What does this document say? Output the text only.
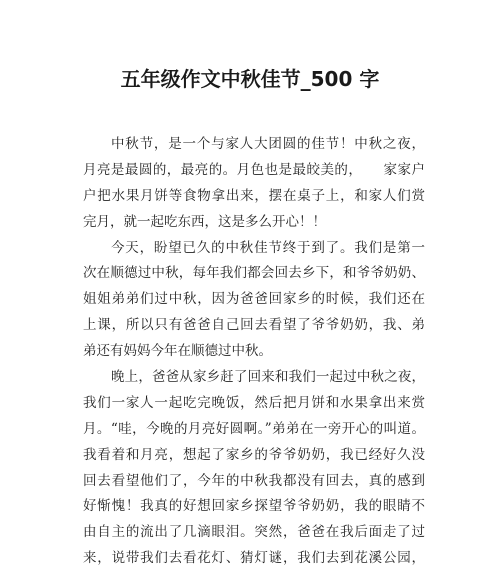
五年级作文中秋佳节_500 字
中秋节，是一个与家人大团圆的佳节！中秋之夜，
月亮是最圆的，最亮的。月色也是最皎美的，　　家家户
户把水果月饼等食物拿出来，摆在桌子上，和家人们赏
完月，就一起吃东西，这是多么开心！！
今天，盼望已久的中秋佳节终于到了。我们是第一
次在顺德过中秋，每年我们都会回去乡下，和爷爷奶奶、
姐姐弟弟们过中秋，因为爸爸回家乡的时候，我们还在
上课，所以只有爸爸自己回去看望了爷爷奶奶，我、弟
弟还有妈妈今年在顺德过中秋。
晚上，爸爸从家乡赶了回来和我们一起过中秋之夜，
我们一家人一起吃完晚饭，然后把月饼和水果拿出来赏
月。“哇，今晚的月亮好圆啊。”弟弟在一旁开心的叫道。
我看着和月亮，想起了家乡的爷爷奶奶，我已经好久没
回去看望他们了，今年的中秋我都没有回去，真的感到
好惭愧！我真的好想回家乡探望爷爷奶奶，我的眼睛不
由自主的流出了几滴眼泪。突然，爸爸在我后面走了过
来，说带我们去看花灯、猜灯谜，我们去到花溪公园，
